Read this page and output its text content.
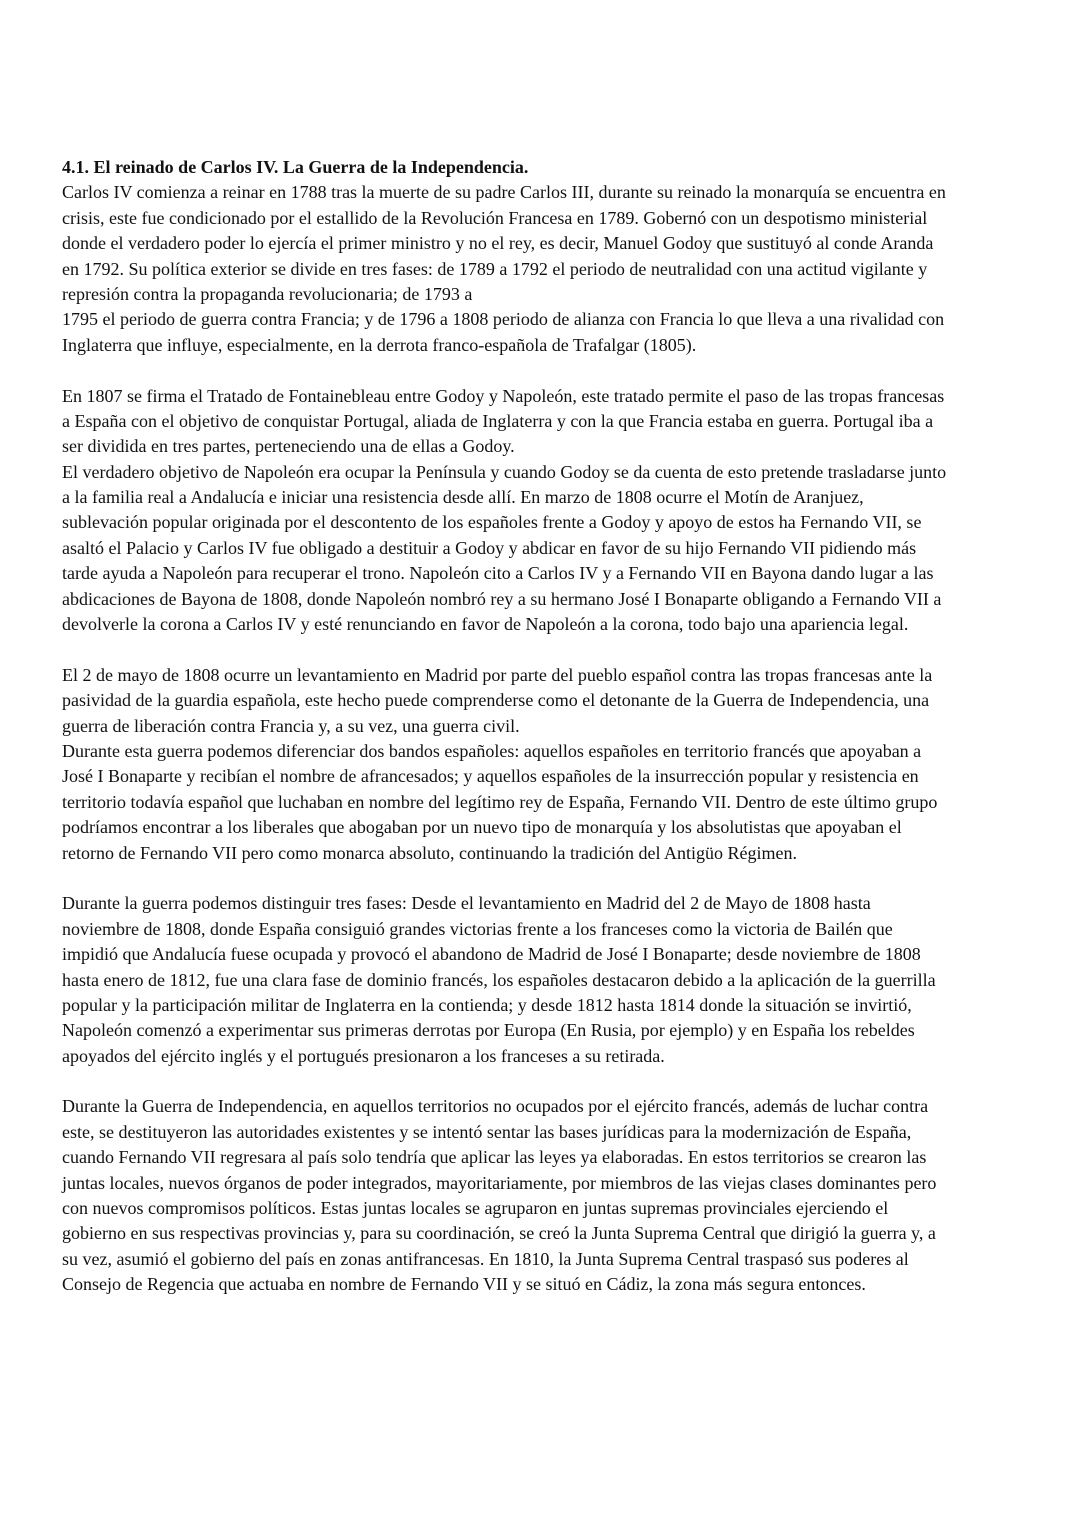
4.1. El reinado de Carlos IV. La Guerra de la Independencia.
Carlos IV comienza a reinar en 1788 tras la muerte de su padre Carlos III, durante su reinado la monarquía se encuentra en
crisis, este fue condicionado por el estallido de la Revolución Francesa en 1789. Gobernó con un despotismo ministerial
donde el verdadero poder lo ejercía el primer ministro y no el rey, es decir, Manuel Godoy que sustituyó al conde Aranda
en 1792. Su política exterior se divide en tres fases: de 1789 a 1792 el periodo de neutralidad con una actitud vigilante y
represión contra la propaganda revolucionaria; de 1793 a
1795 el periodo de guerra contra Francia; y de 1796 a 1808 periodo de alianza con Francia lo que lleva a una rivalidad con
Inglaterra que influye, especialmente, en la derrota franco-española de Trafalgar (1805).
En 1807 se firma el Tratado de Fontainebleau entre Godoy y Napoleón, este tratado permite el paso de las tropas francesas
a España con el objetivo de conquistar Portugal, aliada de Inglaterra y con la que Francia estaba en guerra. Portugal iba a
ser dividida en tres partes, perteneciendo una de ellas a Godoy.
El verdadero objetivo de Napoleón era ocupar la Península y cuando Godoy se da cuenta de esto pretende trasladarse junto
a la familia real a Andalucía e iniciar una resistencia desde allí. En marzo de 1808 ocurre el Motín de Aranjuez,
sublevación popular originada por el descontento de los españoles frente a Godoy y apoyo de estos ha Fernando VII, se
asaltó el Palacio y Carlos IV fue obligado a destituir a Godoy y abdicar en favor de su hijo Fernando VII pidiendo más
tarde ayuda a Napoleón para recuperar el trono. Napoleón cito a Carlos IV y a Fernando VII en Bayona dando lugar a las
abdicaciones de Bayona de 1808, donde Napoleón nombró rey a su hermano José I Bonaparte obligando a Fernando VII a
devolverle la corona a Carlos IV y esté renunciando en favor de Napoleón a la corona, todo bajo una apariencia legal.
El 2 de mayo de 1808 ocurre un levantamiento en Madrid por parte del pueblo español contra las tropas francesas ante la
pasividad de la guardia española, este hecho puede comprenderse como el detonante de la Guerra de Independencia, una
guerra de liberación contra Francia y, a su vez, una guerra civil.
Durante esta guerra podemos diferenciar dos bandos españoles: aquellos españoles en territorio francés que apoyaban a
José I Bonaparte y recibían el nombre de afrancesados; y aquellos españoles de la insurrección popular y resistencia en
territorio todavía español que luchaban en nombre del legítimo rey de España, Fernando VII. Dentro de este último grupo
podríamos encontrar a los liberales que abogaban por un nuevo tipo de monarquía y los absolutistas que apoyaban el
retorno de Fernando VII pero como monarca absoluto, continuando la tradición del Antigüo Régimen.
Durante la guerra podemos distinguir tres fases: Desde el levantamiento en Madrid del 2 de Mayo de 1808 hasta
noviembre de 1808, donde España consiguió grandes victorias frente a los franceses como la victoria de Bailén que
impidió que Andalucía fuese ocupada y provocó el abandono de Madrid de José I Bonaparte; desde noviembre de 1808
hasta enero de 1812, fue una clara fase de dominio francés, los españoles destacaron debido a la aplicación de la guerrilla
popular y la participación militar de Inglaterra en la contienda; y desde 1812 hasta 1814 donde la situación se invirtió,
Napoleón comenzó a experimentar sus primeras derrotas por Europa (En Rusia, por ejemplo) y en España los rebeldes
apoyados del ejército inglés y el portugués presionaron a los franceses a su retirada.
Durante la Guerra de Independencia, en aquellos territorios no ocupados por el ejército francés, además de luchar contra
este, se destituyeron las autoridades existentes y se intentó sentar las bases jurídicas para la modernización de España,
cuando Fernando VII regresara al país solo tendría que aplicar las leyes ya elaboradas. En estos territorios se crearon las
juntas locales, nuevos órganos de poder integrados, mayoritariamente, por miembros de las viejas clases dominantes pero
con nuevos compromisos políticos. Estas juntas locales se agruparon en juntas supremas provinciales ejerciendo el
gobierno en sus respectivas provincias y, para su coordinación, se creó la Junta Suprema Central que dirigió la guerra y, a
su vez, asumió el gobierno del país en zonas antifrancesas. En 1810, la Junta Suprema Central traspasó sus poderes al
Consejo de Regencia que actuaba en nombre de Fernando VII y se situó en Cádiz, la zona más segura entonces.
